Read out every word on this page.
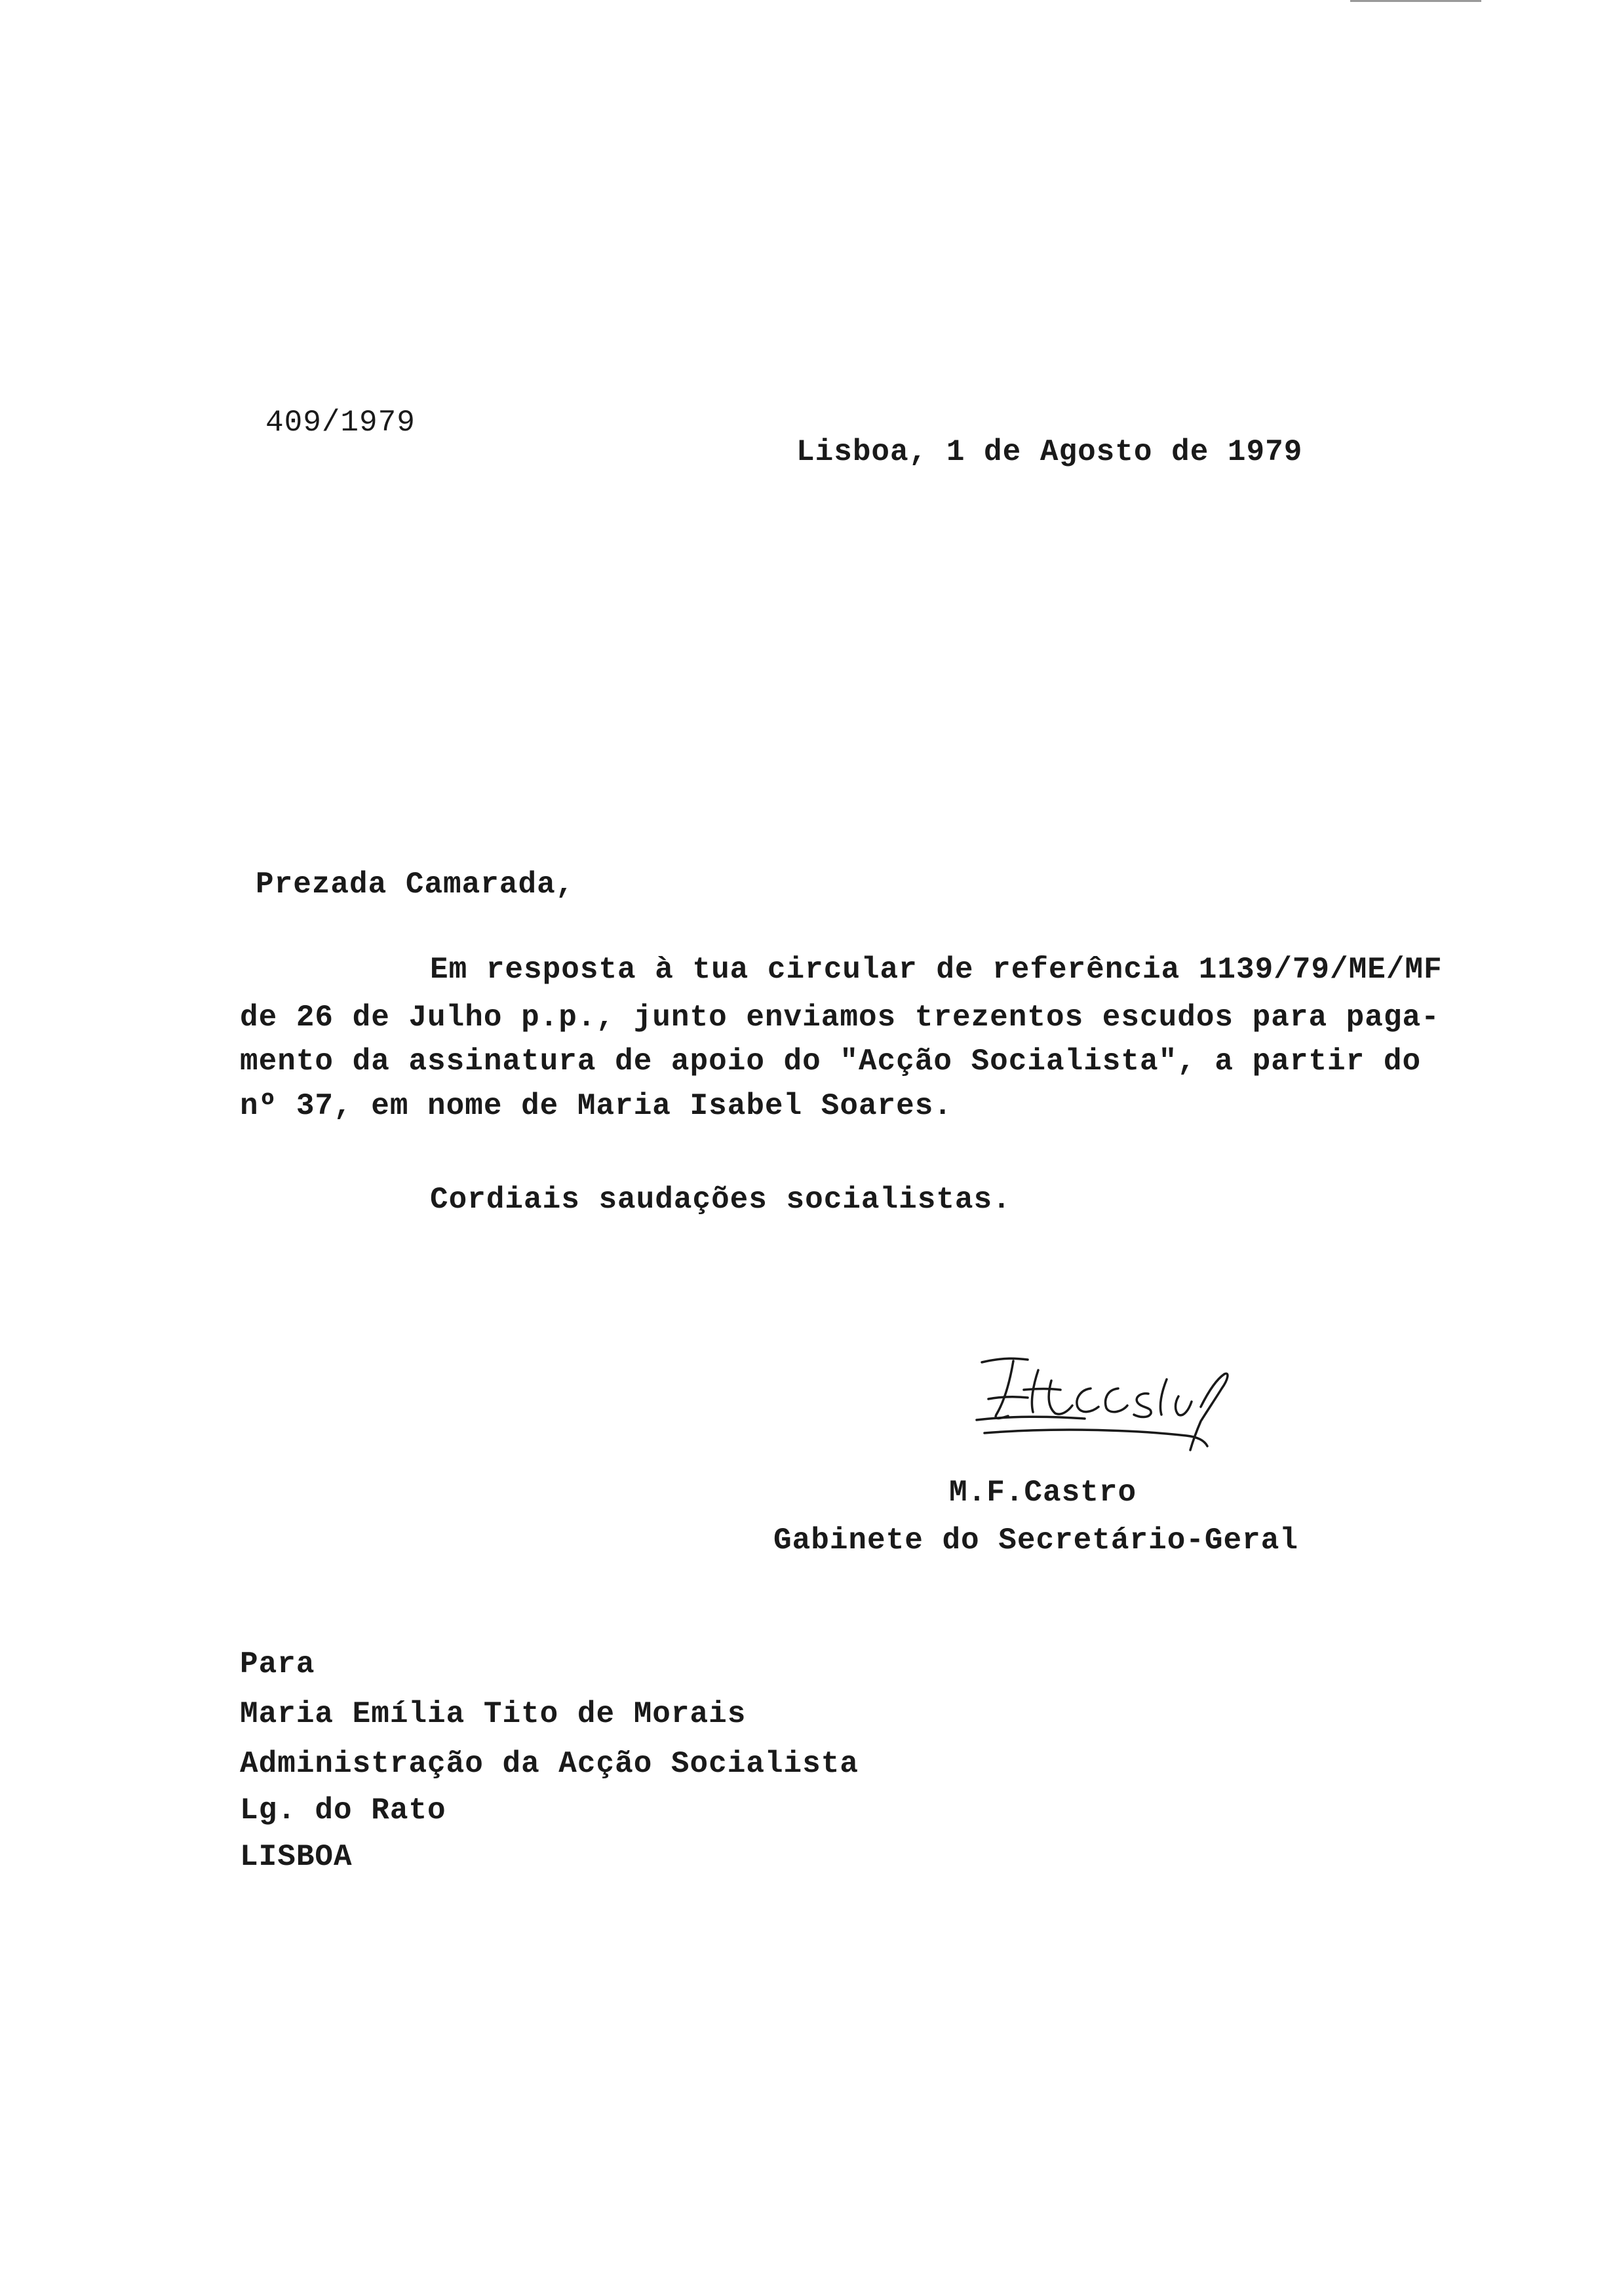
409/1979
Lisboa, 1 de Agosto de 1979
Prezada Camarada,
Em resposta à tua circular de referência 1139/79/ME/MF
de 26 de Julho p.p., junto enviamos trezentos escudos para paga-
mento da assinatura de apoio do "Acção Socialista", a partir do
nº 37, em nome de Maria Isabel Soares.
Cordiais saudações socialistas.
M.F.Castro
Gabinete do Secretário-Geral
Para
Maria Emília Tito de Morais
Administração da Acção Socialista
Lg. do Rato
LISBOA
